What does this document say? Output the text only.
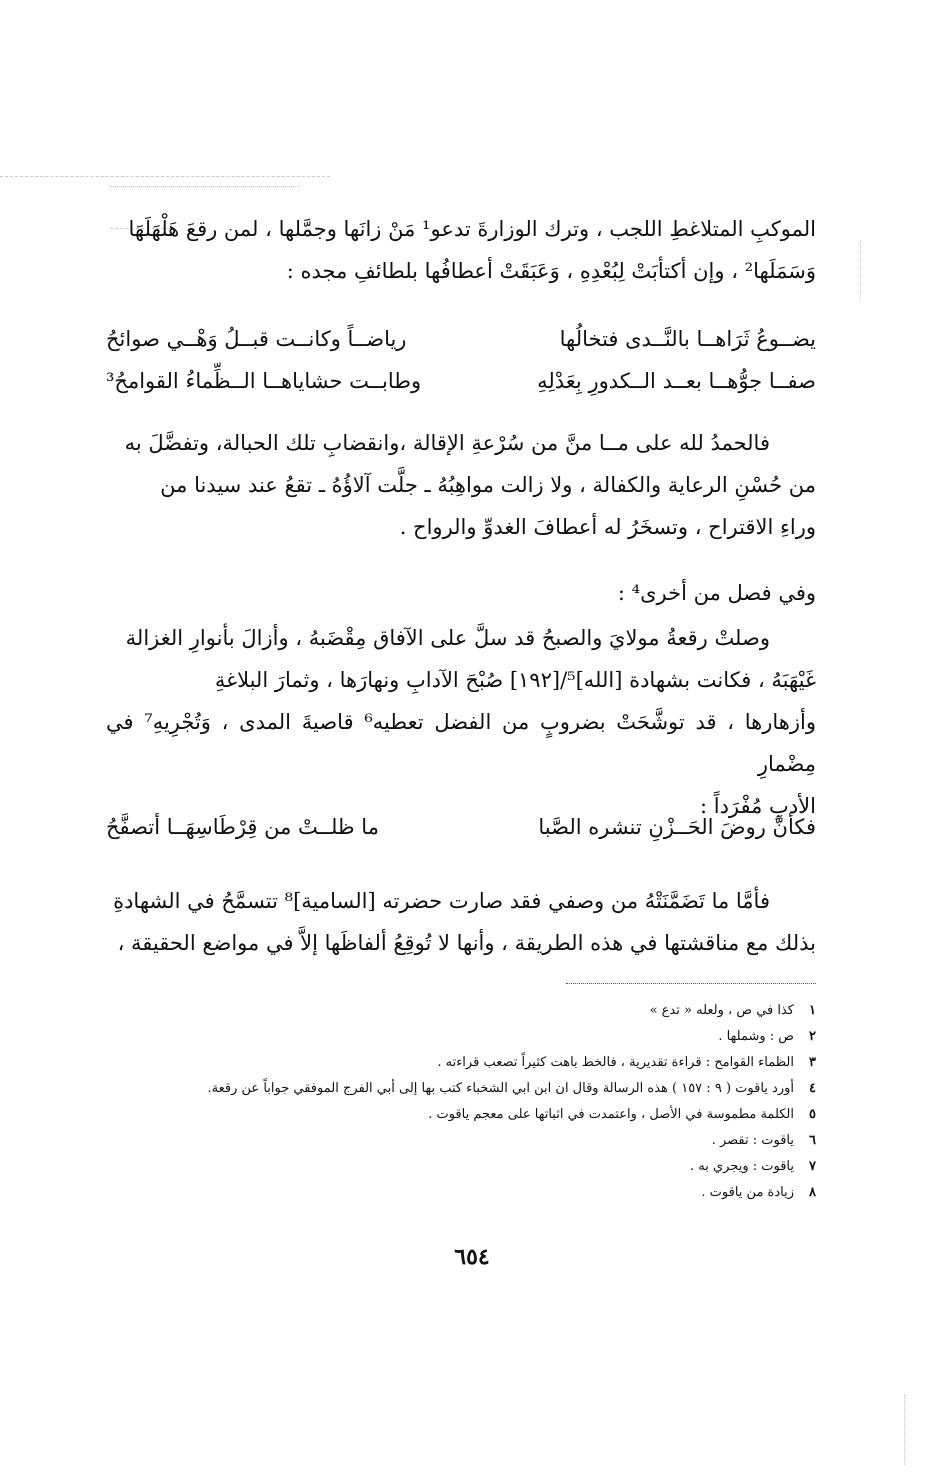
الموكبِ المتلاغطِ اللجب ، وترك الوزارةَ تدعو¹ مَنْ زانَها وجمَّلها ، لمن رقعَ هَلْهَلَهَا

وَسَمَلَها² ، وإن أكتأبَتْ لِبُعْدِهِ ، وَعَبَقَتْ أعطافُها بلطائفِ مجده :

يضــوعُ ثَرَاهــا بالنَّــدى فتخالُها
رياضــاً وكانــت قبــلُ وَهْــي صوائحُ
صفــا جوُّهــا بعــد الــكدورِ بِعَدْلِهِ
وطابــت حشاياهــا الــظِّماءُ القوامحُ³

فالحمدُ لله على مــا منَّ من سُرْعةِ الإقالة ،وانقضابِ تلك الحبالة، وتفضَّلَ به

من حُسْنِ الرعاية والكفالة ، ولا زالت مواهِبُهُ ـ جلَّت آلاؤُهُ ـ تقعُ عند سيدنا من

وراءِ الاقتراح ، وتسخَرُ له أعطافَ الغدوِّ والرواح .

وفي فصل من أخرى⁴ :

وصلتْ رقعةُ مولايَ والصبحُ قد سلَّ على الآفاق مِقْضَبهُ ، وأزالَ بأنوارِ الغزالة

غَيْهَبَهُ ، فكانت بشهادة [الله]⁵/[١٩٢] صُبْحَ الآدابِ ونهارَها ، وثمارَ البلاغةِ

وأزهارها ، قد توشَّحَتْ بضروبٍ من الفضل تعطيه⁶ قاصيةَ المدى ، وَتُجْرِيهِ⁷ في مِضْمارِ

الأدبِ مُفْرَداً :

فكأنَّ روضَ الحَــزْنِ تنشره الصَّبا
ما ظلــتْ من قِرْطَاسِهَــا أتصفَّحُ

فأمَّا ما تَضَمَّنَتْهُ من وصفي فقد صارت حضرته [السامية]⁸ تتسمَّحُ في الشهادةِ

بذلك مع مناقشتها في هذه الطريقة ، وأنها لا تُوقِعُ ألفاظَها إلاَّ في مواضع الحقيقة ،

١
كذا في ص ، ولعله « تدع »
٢
ص : وشملها .
٣
الظماء القوامح : قراءة تقديرية ، فالخط باهت كثيراً تصعب قراءته .
٤
أورد ياقوت ( ٩ : ١٥٧ ) هذه الرسالة وقال ان ابن ابي الشخباء كتب بها إلى أبي الفرج الموفقي جواباً عن رقعة.
٥
الكلمة مطموسة في الأصل ، واعتمدت في اثباتها على معجم ياقوت .
٦
ياقوت : تقصر .
٧
ياقوت : ويجري به .
٨
زيادة من ياقوت .
٦٥٤
